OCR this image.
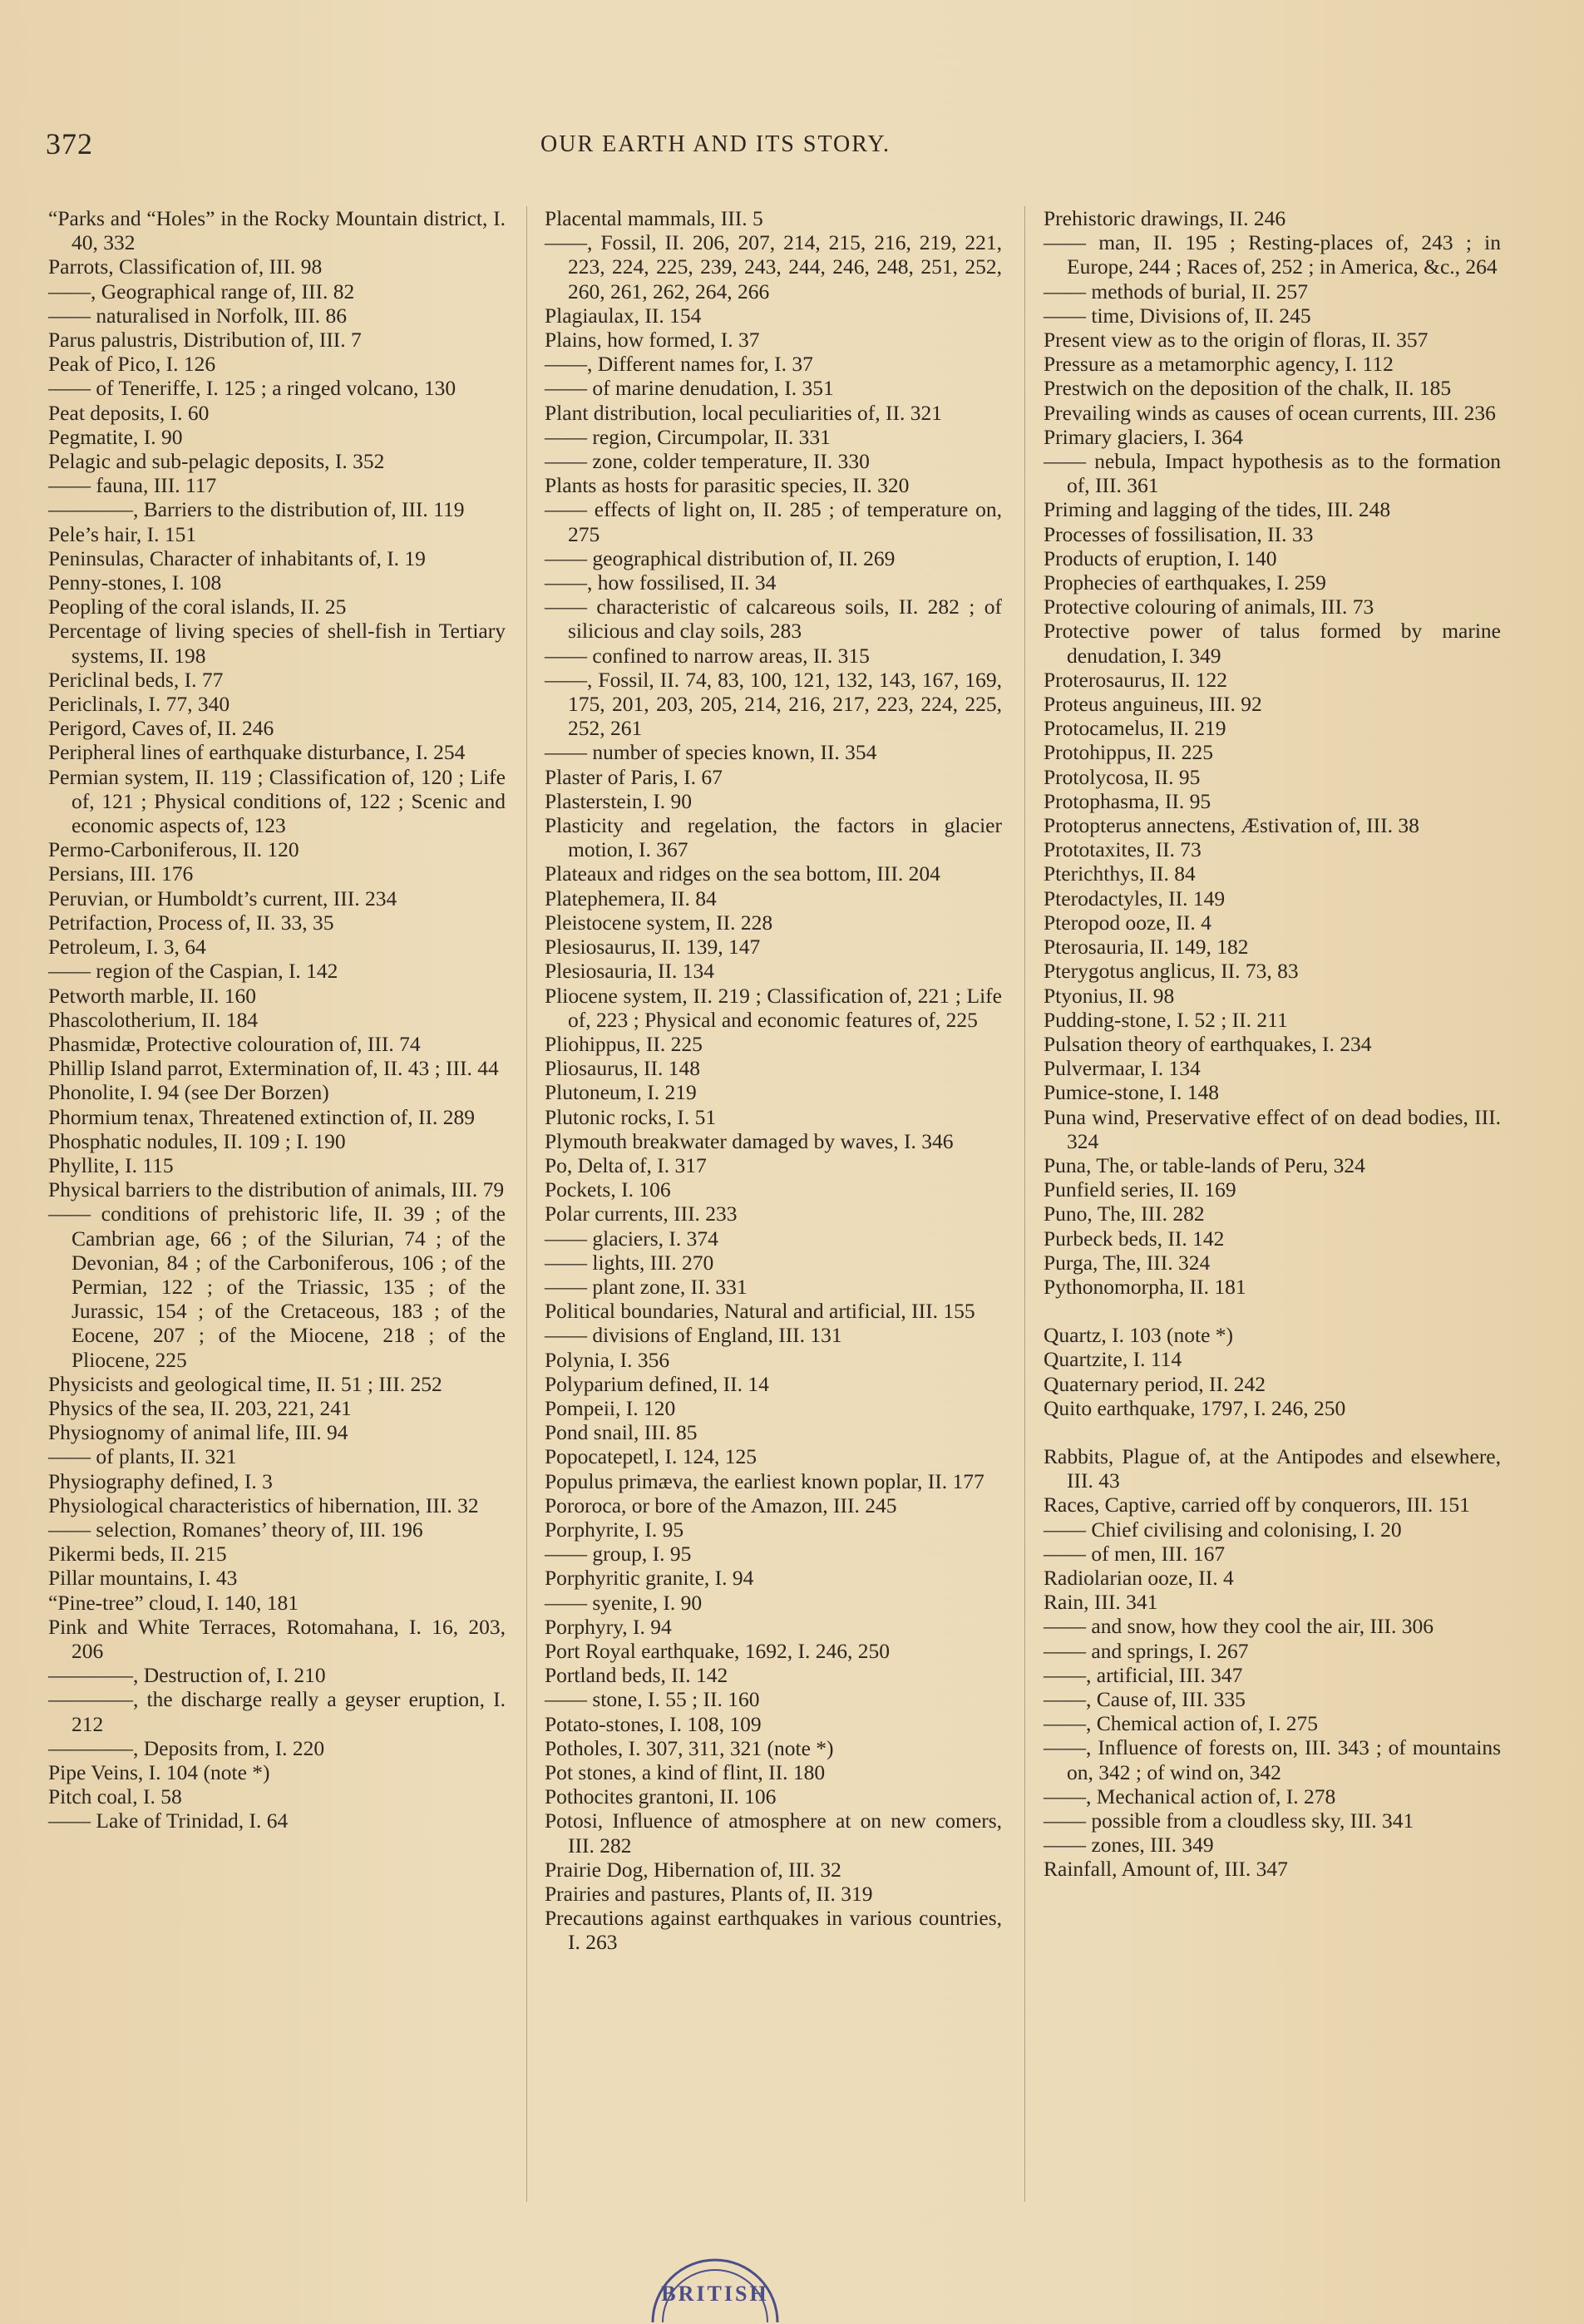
372	OUR EARTH AND ITS STORY.
“Parks and “Holes” in the Rocky Mountain district, I. 40, 332
Parrots, Classification of, III. 98
——, Geographical range of, III. 82
—— naturalised in Norfolk, III. 86
Parus palustris, Distribution of, III. 7
Peak of Pico, I. 126
—— of Teneriffe, I. 125 ; a ringed volcano, 130
Peat deposits, I. 60
Pegmatite, I. 90
Pelagic and sub-pelagic deposits, I. 352
—— fauna, III. 117
————, Barriers to the distribution of, III. 119
Pele’s hair, I. 151
Peninsulas, Character of inhabitants of, I. 19
Penny-stones, I. 108
Peopling of the coral islands, II. 25
Percentage of living species of shell-fish in Tertiary systems, II. 198
Periclinal beds, I. 77
Periclinals, I. 77, 340
Perigord, Caves of, II. 246
Peripheral lines of earthquake disturbance, I. 254
Permian system, II. 119 ; Classification of, 120 ; Life of, 121 ; Physical conditions of, 122 ; Scenic and economic aspects of, 123
Permo-Carboniferous, II. 120
Persians, III. 176
Peruvian, or Humboldt’s current, III. 234
Petrifaction, Process of, II. 33, 35
Petroleum, I. 3, 64
—— region of the Caspian, I. 142
Petworth marble, II. 160
Phascolotherium, II. 184
Phasmidæ, Protective colouration of, III. 74
Phillip Island parrot, Extermination of, II. 43 ; III. 44
Phonolite, I. 94 (see Der Borzen)
Phormium tenax, Threatened extinction of, II. 289
Phosphatic nodules, II. 109 ; I. 190
Phyllite, I. 115
Physical barriers to the distribution of animals, III. 79
—— conditions of prehistoric life, II. 39 ; of the Cambrian age, 66 ; of the Silurian, 74 ; of the Devonian, 84 ; of the Carboniferous, 106 ; of the Permian, 122 ; of the Triassic, 135 ; of the Jurassic, 154 ; of the Cretaceous, 183 ; of the Eocene, 207 ; of the Miocene, 218 ; of the Pliocene, 225
Physicists and geological time, II. 51 ; III. 252
Physics of the sea, II. 203, 221, 241
Physiognomy of animal life, III. 94
—— of plants, II. 321
Physiography defined, I. 3
Physiological characteristics of hibernation, III. 32
—— selection, Romanes’ theory of, III. 196
Pikermi beds, II. 215
Pillar mountains, I. 43
“Pine-tree” cloud, I. 140, 181
Pink and White Terraces, Rotomahana, I. 16, 203, 206
————, Destruction of, I. 210
————, the discharge really a geyser eruption, I. 212
————, Deposits from, I. 220
Pipe Veins, I. 104 (note *)
Pitch coal, I. 58
—— Lake of Trinidad, I. 64
Placental mammals, III. 5
——, Fossil, II. 206, 207, 214, 215, 216, 219, 221, 223, 224, 225, 239, 243, 244, 246, 248, 251, 252, 260, 261, 262, 264, 266
Plagiaulax, II. 154
Plains, how formed, I. 37
——, Different names for, I. 37
—— of marine denudation, I. 351
Plant distribution, local peculiarities of, II. 321
—— region, Circumpolar, II. 331
—— zone, colder temperature, II. 330
Plants as hosts for parasitic species, II. 320
—— effects of light on, II. 285 ; of temperature on, 275
—— geographical distribution of, II. 269
——, how fossilised, II. 34
—— characteristic of calcareous soils, II. 282 ; of silicious and clay soils, 283
—— confined to narrow areas, II. 315
——, Fossil, II. 74, 83, 100, 121, 132, 143, 167, 169, 175, 201, 203, 205, 214, 216, 217, 223, 224, 225, 252, 261
—— number of species known, II. 354
Plaster of Paris, I. 67
Plasterstein, I. 90
Plasticity and regelation, the factors in glacier motion, I. 367
Plateaux and ridges on the sea bottom, III. 204
Platephemera, II. 84
Pleistocene system, II. 228
Plesiosaurus, II. 139, 147
Plesiosauria, II. 134
Pliocene system, II. 219 ; Classification of, 221 ; Life of, 223 ; Physical and economic features of, 225
Pliohippus, II. 225
Pliosaurus, II. 148
Plutoneum, I. 219
Plutonic rocks, I. 51
Plymouth breakwater damaged by waves, I. 346
Po, Delta of, I. 317
Pockets, I. 106
Polar currents, III. 233
—— glaciers, I. 374
—— lights, III. 270
—— plant zone, II. 331
Political boundaries, Natural and artificial, III. 155
—— divisions of England, III. 131
Polynia, I. 356
Polyparium defined, II. 14
Pompeii, I. 120
Pond snail, III. 85
Popocatepetl, I. 124, 125
Populus primæva, the earliest known poplar, II. 177
Pororoca, or bore of the Amazon, III. 245
Porphyrite, I. 95
—— group, I. 95
Porphyritic granite, I. 94
—— syenite, I. 90
Porphyry, I. 94
Port Royal earthquake, 1692, I. 246, 250
Portland beds, II. 142
—— stone, I. 55 ; II. 160
Potato-stones, I. 108, 109
Potholes, I. 307, 311, 321 (note *)
Pot stones, a kind of flint, II. 180
Pothocites grantoni, II. 106
Potosi, Influence of atmosphere at on new comers, III. 282
Prairie Dog, Hibernation of, III. 32
Prairies and pastures, Plants of, II. 319
Precautions against earthquakes in various countries, I. 263
Prehistoric drawings, II. 246
—— man, II. 195 ; Resting-places of, 243 ; in Europe, 244 ; Races of, 252 ; in America, &c., 264
—— methods of burial, II. 257
—— time, Divisions of, II. 245
Present view as to the origin of floras, II. 357
Pressure as a metamorphic agency, I. 112
Prestwich on the deposition of the chalk, II. 185
Prevailing winds as causes of ocean currents, III. 236
Primary glaciers, I. 364
—— nebula, Impact hypothesis as to the formation of, III. 361
Priming and lagging of the tides, III. 248
Processes of fossilisation, II. 33
Products of eruption, I. 140
Prophecies of earthquakes, I. 259
Protective colouring of animals, III. 73
Protective power of talus formed by marine denudation, I. 349
Proterosaurus, II. 122
Proteus anguineus, III. 92
Protocamelus, II. 219
Protohippus, II. 225
Protolycosa, II. 95
Protophasma, II. 95
Protopterus annectens, Æstivation of, III. 38
Prototaxites, II. 73
Pterichthys, II. 84
Pterodactyles, II. 149
Pteropod ooze, II. 4
Pterosauria, II. 149, 182
Pterygotus anglicus, II. 73, 83
Ptyonius, II. 98
Pudding-stone, I. 52 ; II. 211
Pulsation theory of earthquakes, I. 234
Pulvermaar, I. 134
Pumice-stone, I. 148
Puna wind, Preservative effect of on dead bodies, III. 324
Puna, The, or table-lands of Peru, 324
Punfield series, II. 169
Puno, The, III. 282
Purbeck beds, II. 142
Purga, The, III. 324
Pythonomorpha, II. 181
Quartz, I. 103 (note *)
Quartzite, I. 114
Quaternary period, II. 242
Quito earthquake, 1797, I. 246, 250
Rabbits, Plague of, at the Antipodes and elsewhere, III. 43
Races, Captive, carried off by conquerors, III. 151
—— Chief civilising and colonising, I. 20
—— of men, III. 167
Radiolarian ooze, II. 4
Rain, III. 341
—— and snow, how they cool the air, III. 306
—— and springs, I. 267
——, artificial, III. 347
——, Cause of, III. 335
——, Chemical action of, I. 275
——, Influence of forests on, III. 343 ; of mountains on, 342 ; of wind on, 342
——, Mechanical action of, I. 278
—— possible from a cloudless sky, III. 341
—— zones, III. 349
Rainfall, Amount of, III. 347
BRITISH
